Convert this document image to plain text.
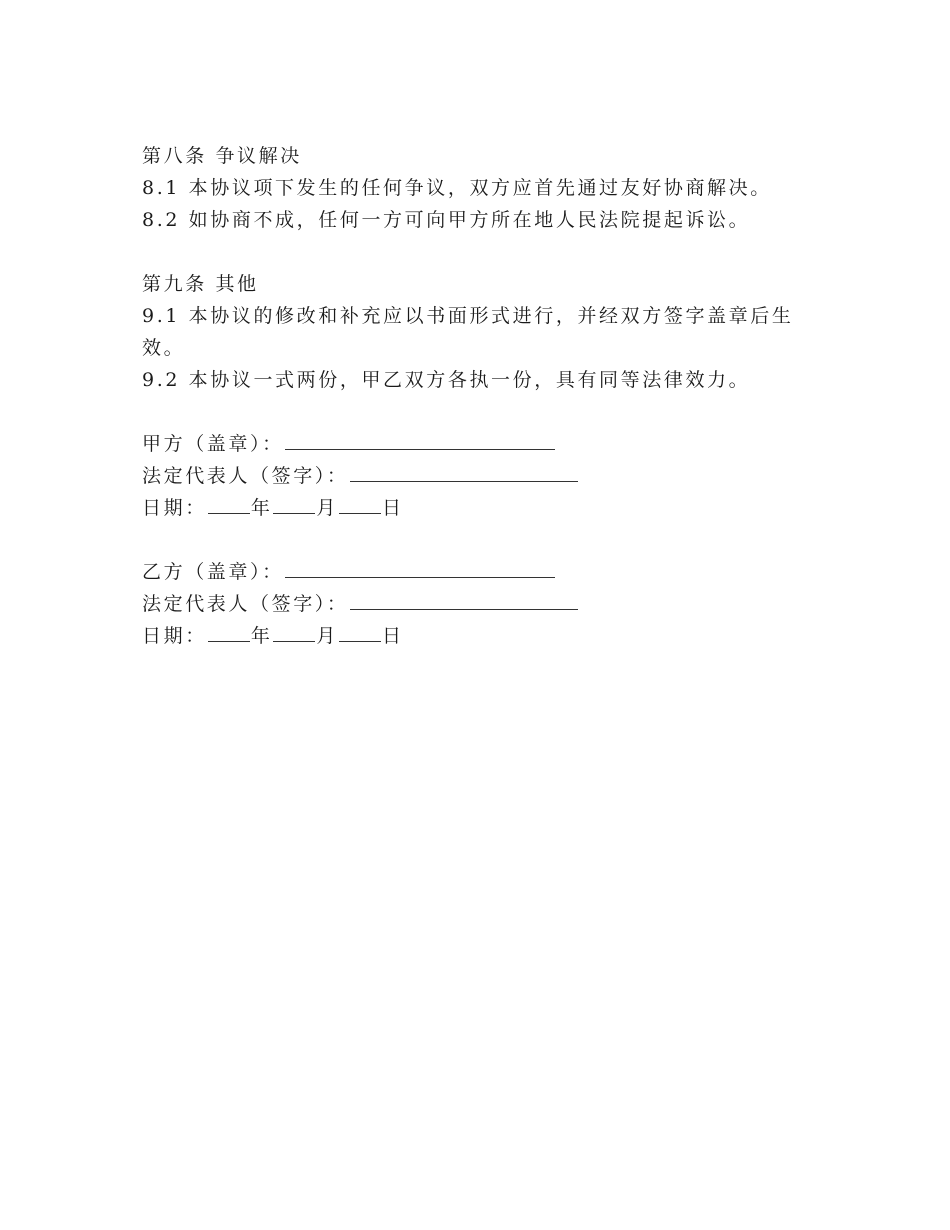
第八条 争议解决
8.1 本协议项下发生的任何争议，双方应首先通过友好协商解决。
8.2 如协商不成，任何一方可向甲方所在地人民法院提起诉讼。
第九条 其他
9.1 本协议的修改和补充应以书面形式进行，并经双方签字盖章后生效。
9.2 本协议一式两份，甲乙双方各执一份，具有同等法律效力。
甲方（盖章）：
法定代表人（签字）：
日期： 年 月 日
乙方（盖章）：
法定代表人（签字）：
日期： 年 月 日
